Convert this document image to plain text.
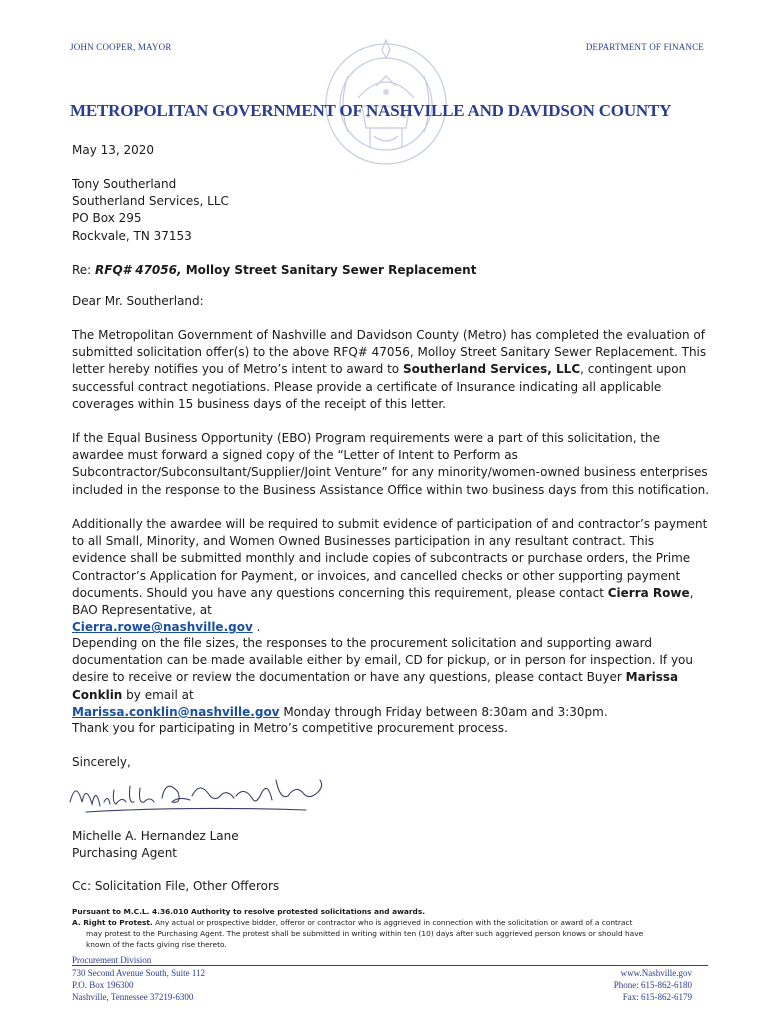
JOHN COOPER, MAYOR	DEPARTMENT OF FINANCE
METROPOLITAN GOVERNMENT OF NASHVILLE AND DAVIDSON COUNTY
May 13, 2020
Tony Southerland
Southerland Services, LLC
PO Box 295
Rockvale, TN 37153
Re: RFQ# 47056, Molloy Street Sanitary Sewer Replacement
Dear Mr. Southerland:
The Metropolitan Government of Nashville and Davidson County (Metro) has completed the evaluation of submitted solicitation offer(s) to the above RFQ# 47056, Molloy Street Sanitary Sewer Replacement. This letter hereby notifies you of Metro’s intent to award to Southerland Services, LLC, contingent upon successful contract negotiations. Please provide a certificate of Insurance indicating all applicable coverages within 15 business days of the receipt of this letter.
If the Equal Business Opportunity (EBO) Program requirements were a part of this solicitation, the awardee must forward a signed copy of the “Letter of Intent to Perform as Subcontractor/Subconsultant/Supplier/Joint Venture” for any minority/women-owned business enterprises included in the response to the Business Assistance Office within two business days from this notification.
Additionally the awardee will be required to submit evidence of participation of and contractor’s payment to all Small, Minority, and Women Owned Businesses participation in any resultant contract. This evidence shall be submitted monthly and include copies of subcontracts or purchase orders, the Prime Contractor’s Application for Payment, or invoices, and cancelled checks or other supporting payment documents. Should you have any questions concerning this requirement, please contact Cierra Rowe, BAO Representative, at
Cierra.rowe@nashville.gov .
Depending on the file sizes, the responses to the procurement solicitation and supporting award documentation can be made available either by email, CD for pickup, or in person for inspection. If you desire to receive or review the documentation or have any questions, please contact Buyer Marissa Conklin by email at
Marissa.conklin@nashville.gov Monday through Friday between 8:30am and 3:30pm.
Thank you for participating in Metro’s competitive procurement process.
Sincerely,
Michelle A. Hernandez Lane
Purchasing Agent
Cc: Solicitation File, Other Offerors
Pursuant to M.C.L. 4.36.010 Authority to resolve protested solicitations and awards.
A. Right to Protest. Any actual or prospective bidder, offeror or contractor who is aggrieved in connection with the solicitation or award of a contract
may protest to the Purchasing Agent. The protest shall be submitted in writing within ten (10) days after such aggrieved person knows or should have
known of the facts giving rise thereto.
Procurement Division
730 Second Avenue South, Suite 112
P.O. Box 196300
Nashville, Tennessee 37219-6300
www.Nashville.gov
Phone: 615-862-6180
Fax: 615-862-6179
